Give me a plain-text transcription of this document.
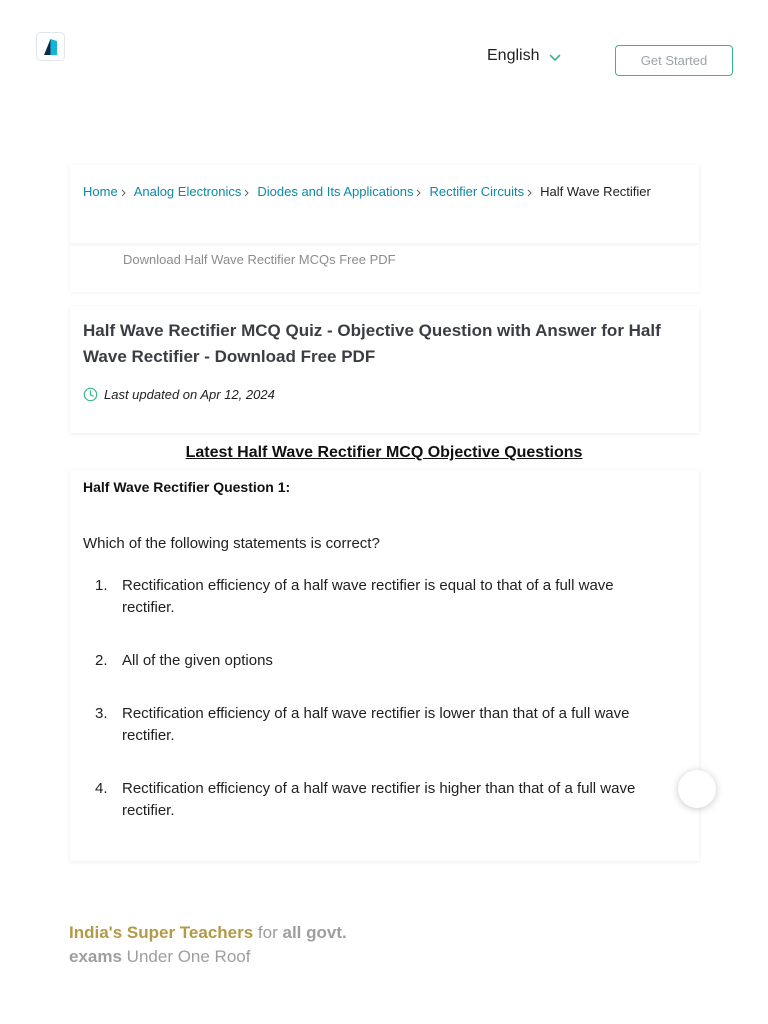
English	Get Started
Home Analog Electronics Diodes and Its Applications Rectifier Circuits Half Wave Rectifier
Download Half Wave Rectifier MCQs Free PDF
Half Wave Rectifier MCQ Quiz - Objective Question with Answer for Half Wave Rectifier - Download Free PDF
Last updated on Apr 12, 2024
Latest Half Wave Rectifier MCQ Objective Questions
Half Wave Rectifier Question 1:
Which of the following statements is correct?
1. Rectification efficiency of a half wave rectifier is equal to that of a full wave rectifier.
2. All of the given options
3. Rectification efficiency of a half wave rectifier is lower than that of a full wave rectifier.
4. Rectification efficiency of a half wave rectifier is higher than that of a full wave rectifier.
India's Super Teachers for all govt. exams Under One Roof
